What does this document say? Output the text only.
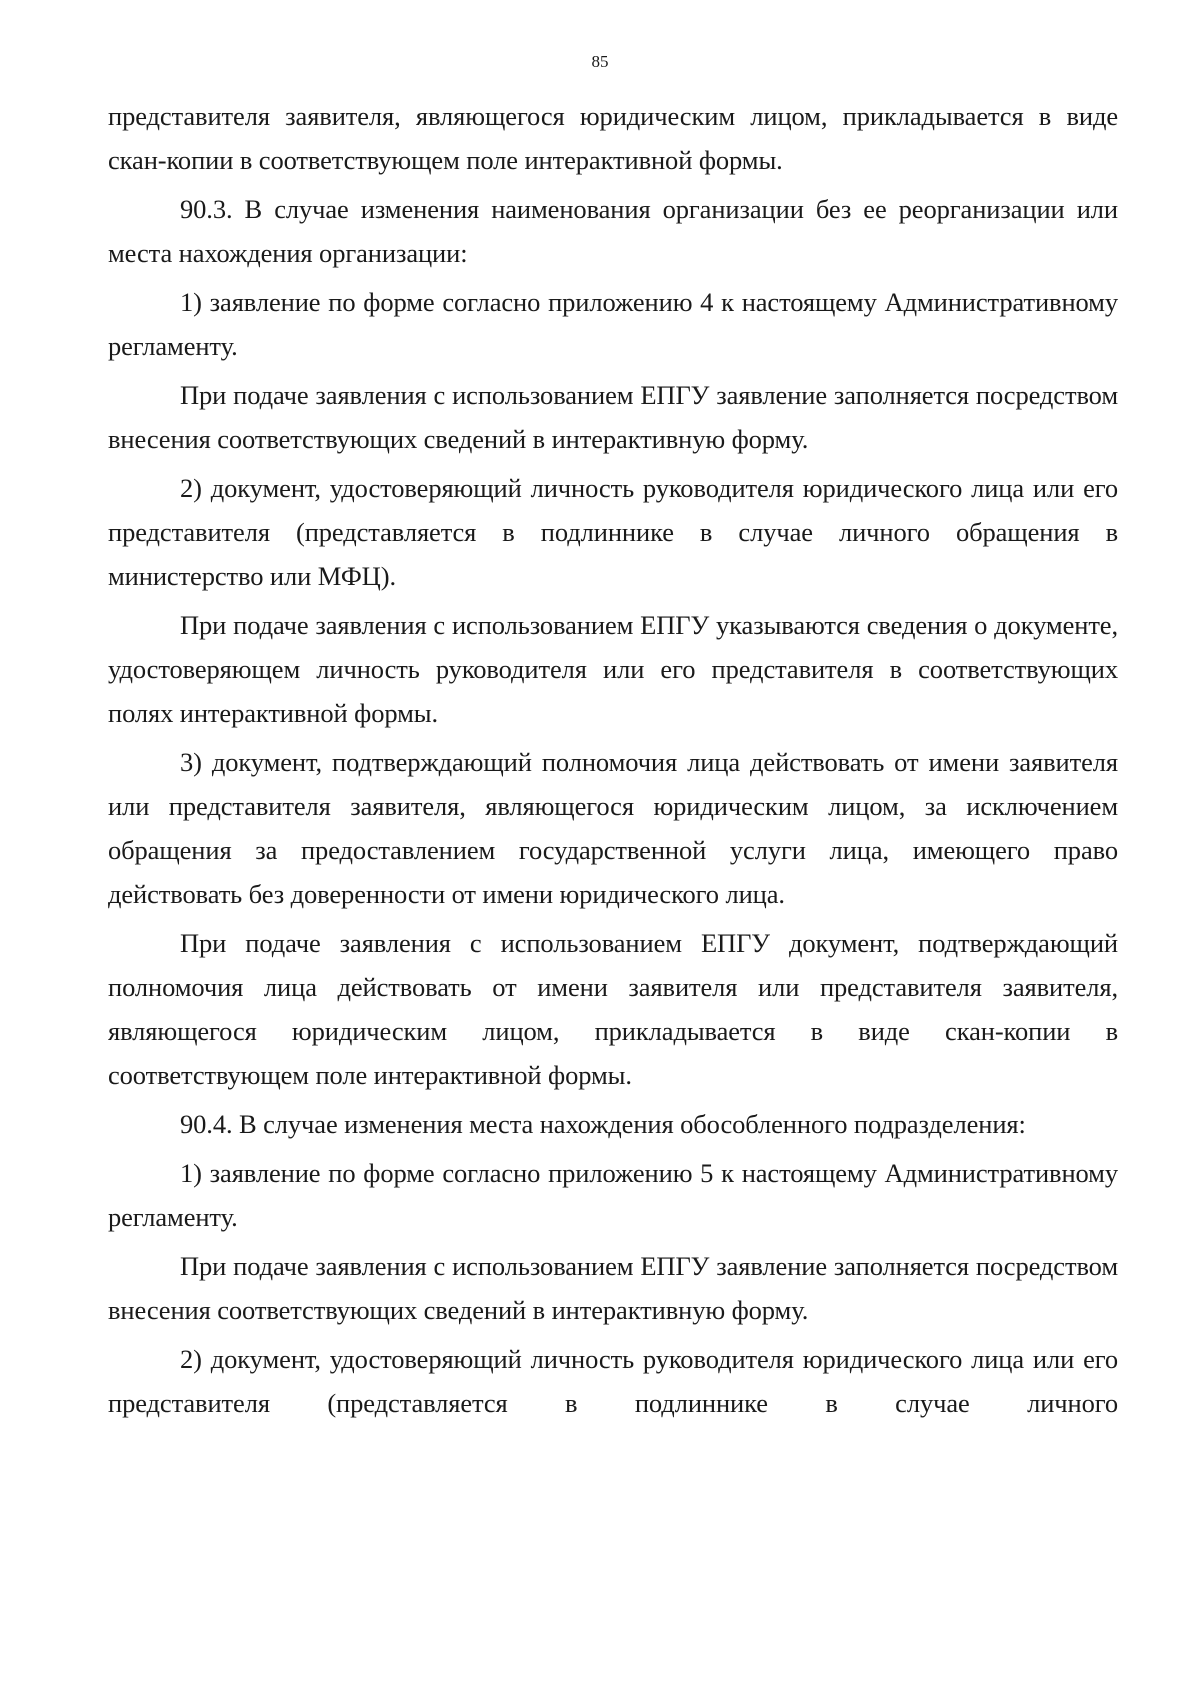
85

представителя заявителя, являющегося юридическим лицом, прикладывается в виде скан-копии в соответствующем поле интерактивной формы.

90.3. В случае изменения наименования организации без ее реорганизации или места нахождения организации:

1) заявление по форме согласно приложению 4 к настоящему Административному регламенту.

При подаче заявления с использованием ЕПГУ заявление заполняется посредством внесения соответствующих сведений в интерактивную форму.

2) документ, удостоверяющий личность руководителя юридического лица или его представителя (представляется в подлиннике в случае личного обращения в министерство или МФЦ).

При подаче заявления с использованием ЕПГУ указываются сведения о документе, удостоверяющем личность руководителя или его представителя в соответствующих полях интерактивной формы.

3) документ, подтверждающий полномочия лица действовать от имени заявителя или представителя заявителя, являющегося юридическим лицом, за исключением обращения за предоставлением государственной услуги лица, имеющего право действовать без доверенности от имени юридического лица.

При подаче заявления с использованием ЕПГУ документ, подтверждающий полномочия лица действовать от имени заявителя или представителя заявителя, являющегося юридическим лицом, прикладывается в виде скан-копии в соответствующем поле интерактивной формы.

90.4. В случае изменения места нахождения обособленного подразделения:

1) заявление по форме согласно приложению 5 к настоящему Административному регламенту.

При подаче заявления с использованием ЕПГУ заявление заполняется посредством внесения соответствующих сведений в интерактивную форму.

2) документ, удостоверяющий личность руководителя юридического лица или его представителя (представляется в подлиннике в случае личного
